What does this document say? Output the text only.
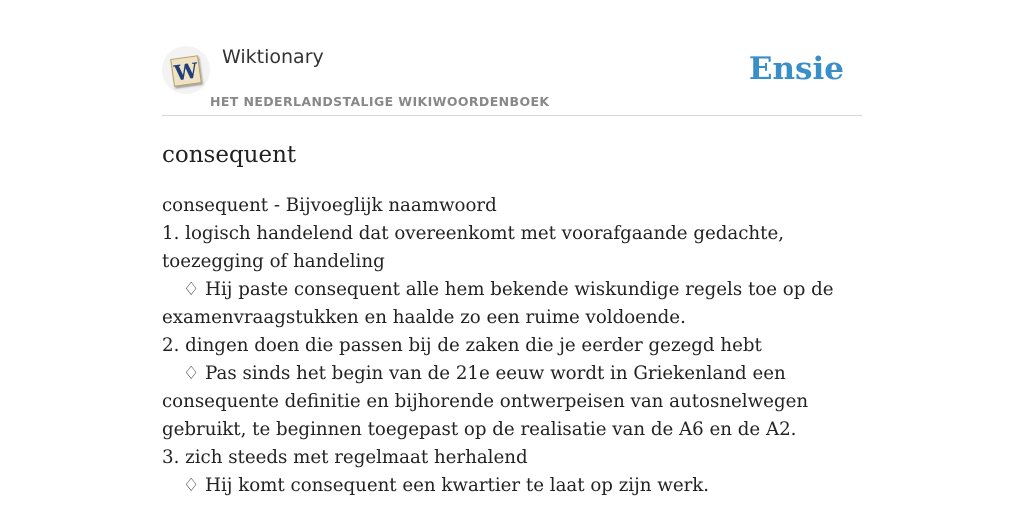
W
Wiktionary
HET NEDERLANDSTALIGE WIKIWOORDENBOEK
Ensie
consequent

consequent - Bijvoeglijk naamwoord

1. logisch handelend dat overeenkomt met voorafgaande gedachte, toezegging of handeling

♢ Hij paste consequent alle hem bekende wiskundige regels toe op de examenvraagstukken en haalde zo een ruime voldoende.

2. dingen doen die passen bij de zaken die je eerder gezegd hebt

♢ Pas sinds het begin van de 21e eeuw wordt in Griekenland een consequente definitie en bijhorende ontwerpeisen van autosnelwegen gebruikt, te beginnen toegepast op de realisatie van de A6 en de A2.

3. zich steeds met regelmaat herhalend

♢ Hij komt consequent een kwartier te laat op zijn werk.
